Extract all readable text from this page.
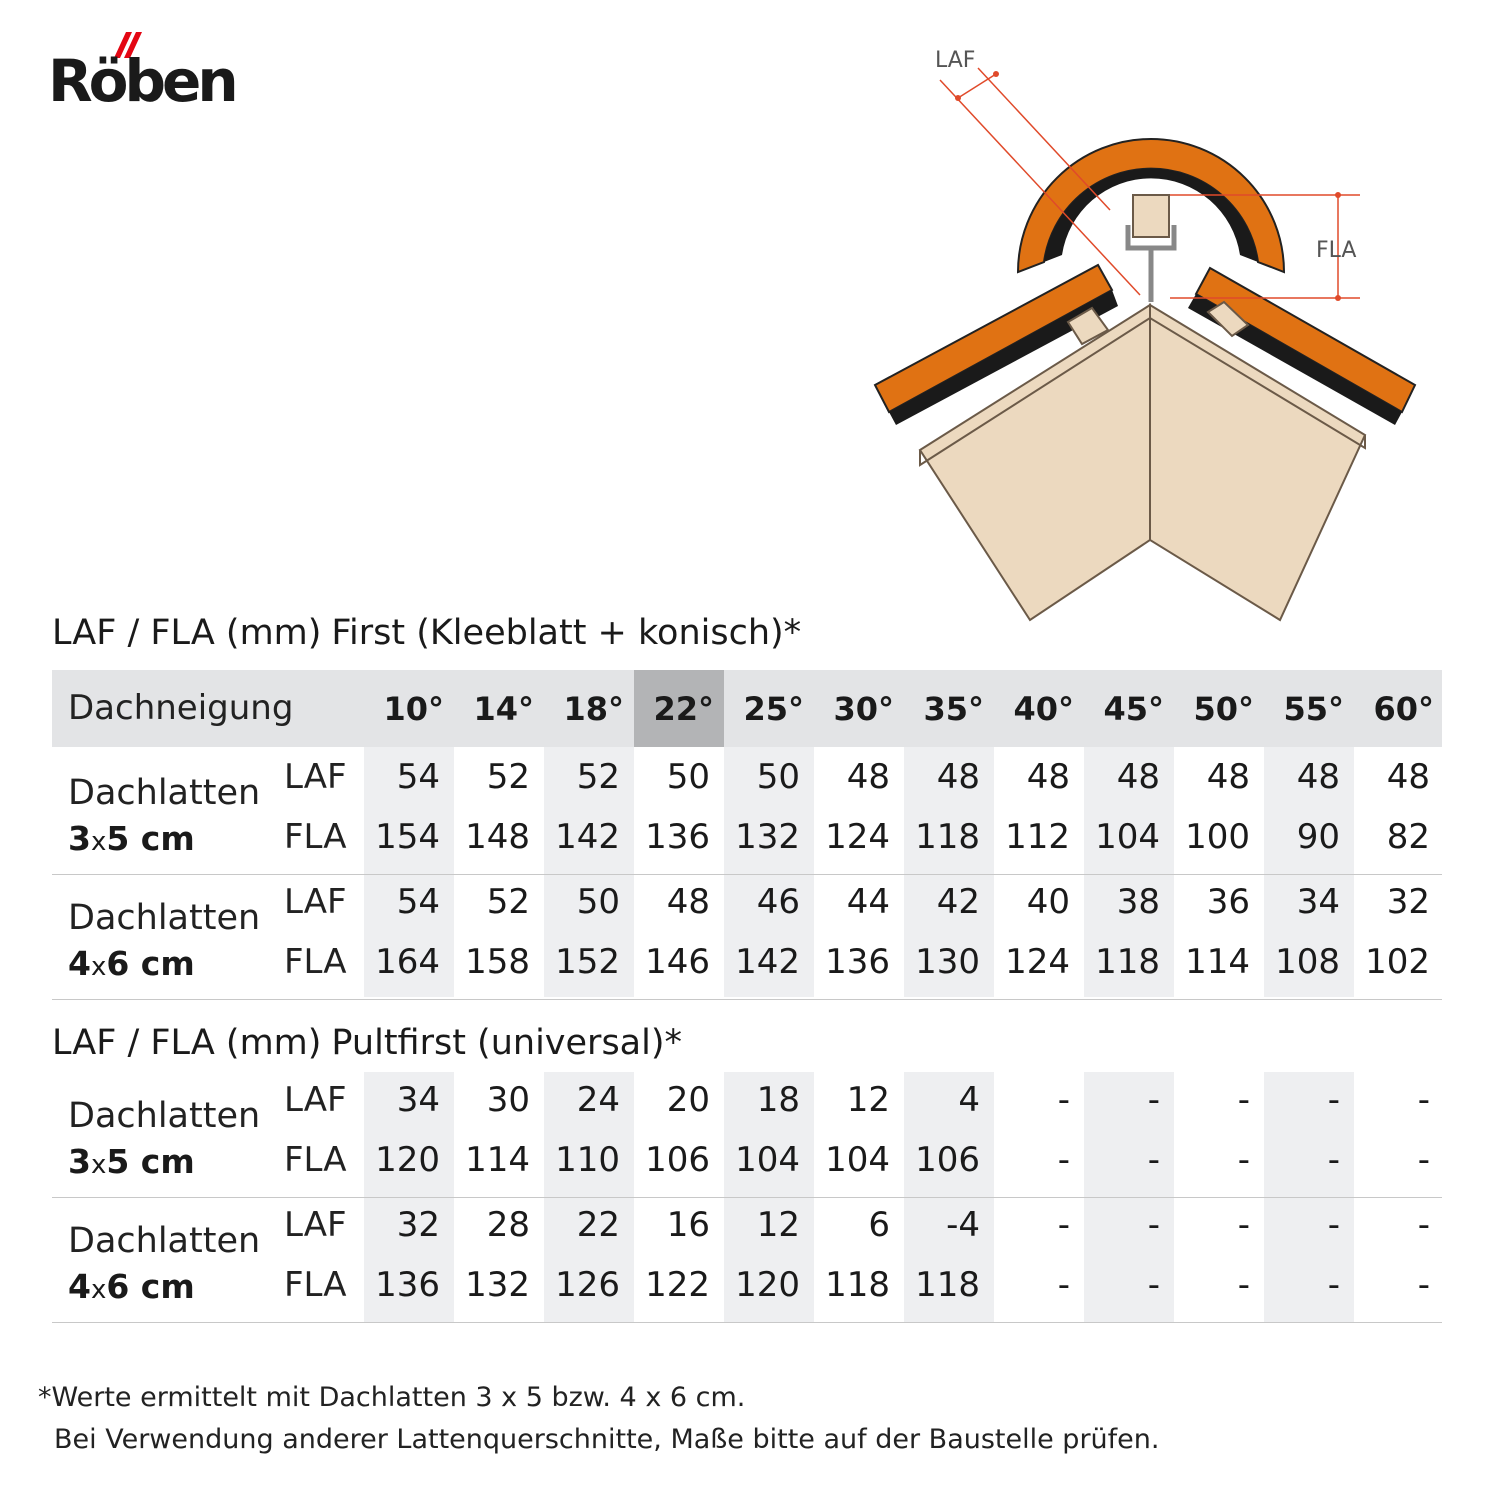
Röben	LAF
FLA
LAF / FLA (mm) First (Kleeblatt + konisch)*
Dachneigung	10° 14° 18° 22° 25° 30° 35° 40° 45° 50° 55° 60°
Dachlatten
3x5 cm
LAF	54	52	52	50	50	48	48	48	48	48	48	48
FLA 154 148 142 136 132 124 118 112 104 100	90	82
Dachlatten
4x6 cm
LAF	54	52	50	48	46	44	42	40	38	36	34	32
FLA 164 158 152 146 142 136 130 124 118 114 108 102
LAF / FLA (mm) Pultfirst (universal)*
Dachlatten
3x5 cm
LAF	34	30	24	20	18	12	4	-	-	-	-	-
FLA 120 114 110 106 104 104 106	-	-	-	-	-
Dachlatten
4x6 cm
LAF	32	28	22	16	12	6	-4	-	-	-	-	-
FLA 136 132 126 122 120 118 118	-	-	-	-	-
*Werte ermittelt mit Dachlatten 3 x 5 bzw. 4 x 6 cm.
Bei Verwendung anderer Lattenquerschnitte, Maße bitte auf der Baustelle prüfen.
